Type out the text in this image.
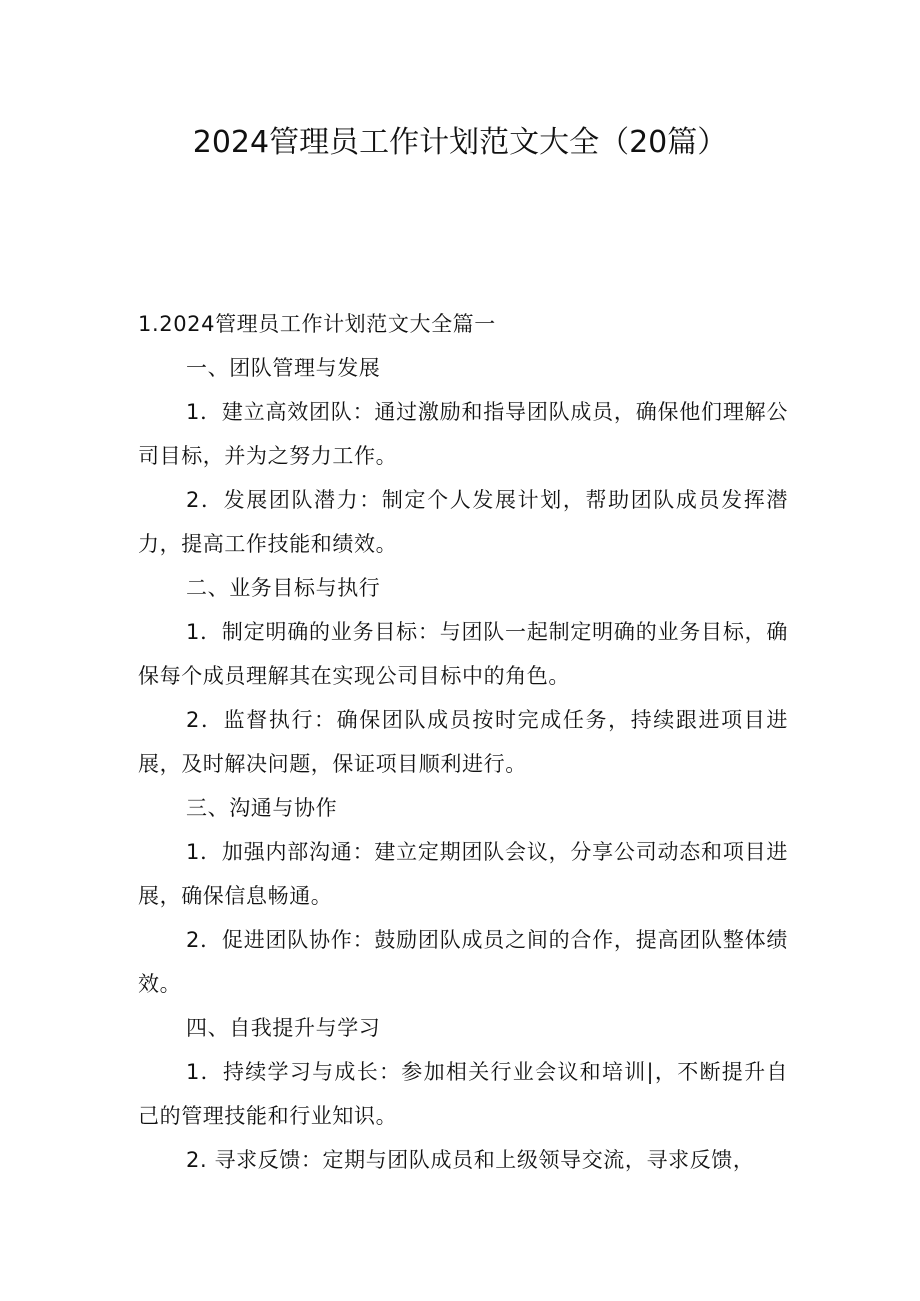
2024管理员工作计划范文大全（20篇）

1.2024管理员工作计划范文大全篇一

一、团队管理与发展

1．建立高效团队：通过激励和指导团队成员，确保他们理解公司目标，并为之努力工作。

2．发展团队潜力：制定个人发展计划，帮助团队成员发挥潜力，提高工作技能和绩效。

二、业务目标与执行

1．制定明确的业务目标：与团队一起制定明确的业务目标，确保每个成员理解其在实现公司目标中的角色。

2．监督执行：确保团队成员按时完成任务，持续跟进项目进展，及时解决问题，保证项目顺利进行。

三、沟通与协作

1．加强内部沟通：建立定期团队会议，分享公司动态和项目进展，确保信息畅通。

2．促进团队协作：鼓励团队成员之间的合作，提高团队整体绩效。

四、自我提升与学习

1．持续学习与成长：参加相关行业会议和培训|，不断提升自己的管理技能和行业知识。

2. 寻求反馈：定期与团队成员和上级领导交流，寻求反馈，
